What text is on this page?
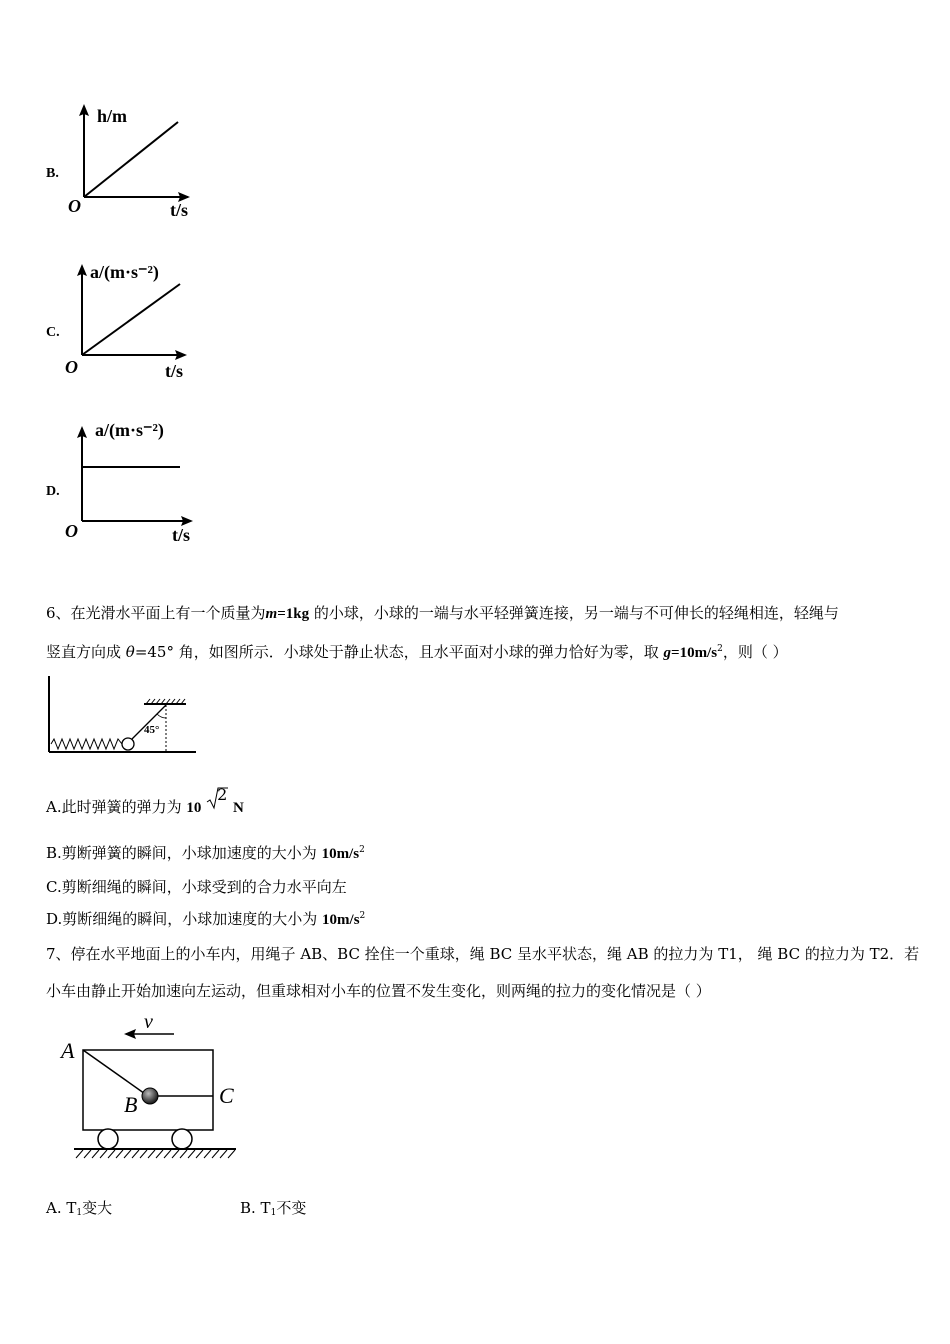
B.
h/m
O	t/s
C.
a/(m·s⁻²)
O	t/s
D.
a/(m·s⁻²)
O	t/s
6、在光滑水平面上有一个质量为m=1kg 的小球，小球的一端与水平轻弹簧连接，另一端与不可伸长的轻绳相连，轻绳与
竖直方向成 θ=45° 角，如图所示．小球处于静止状态，且水平面对小球的弹力恰好为零，取 $g=10m/s^2$，则（ ）
45°
A.此时弹簧的弹力为 10
2
N
B.剪断弹簧的瞬间，小球加速度的大小为 $10m/s^2$
C.剪断细绳的瞬间，小球受到的合力水平向左
D.剪断细绳的瞬间，小球加速度的大小为 $10m/s^2$
7、停在水平地面上的小车内，用绳子 AB、BC 拴住一个重球，绳 BC 呈水平状态，绳 AB 的拉力为 T1， 绳 BC 的拉力为 T2．若
小车由静止开始加速向左运动，但重球相对小车的位置不发生变化，则两绳的拉力的变化情况是（ ）
v
A
B	C
A. $T_1$变大	B. $T_1$不变
